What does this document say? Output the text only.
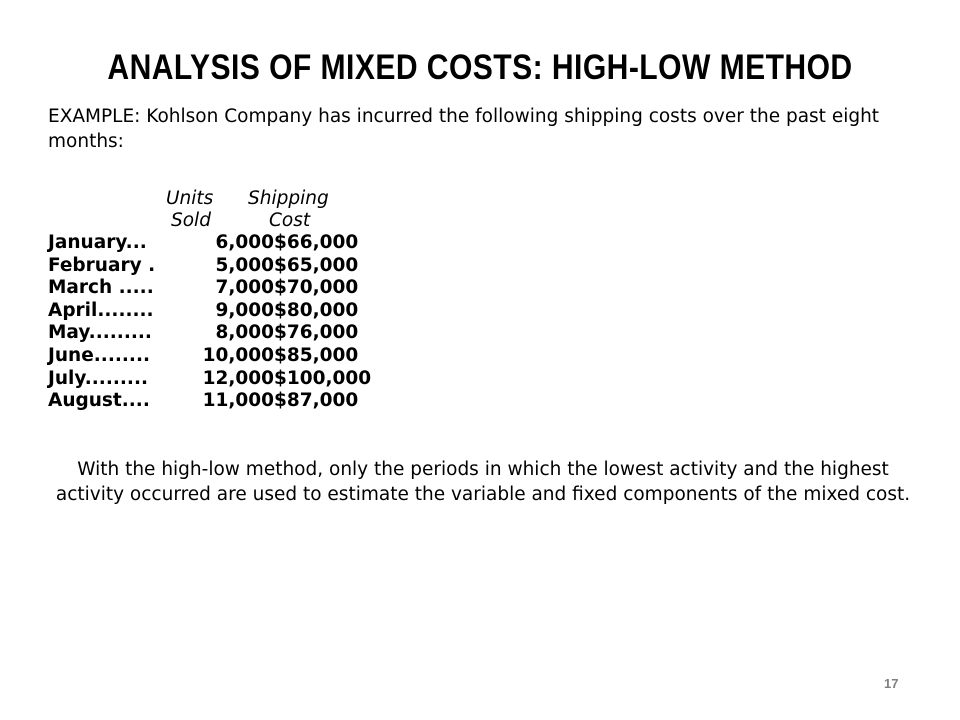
ANALYSIS OF MIXED COSTS: HIGH-LOW METHOD
EXAMPLE: Kohlson Company has incurred the following shipping costs over the past eight months:
Units Shipping
Sold	Cost
January...	6,000 $66,000
February .	5,000 $65,000
March .....	7,000 $70,000
April........	9,000 $80,000
May.........	8,000 $76,000
June........	10,000 $85,000
July.........	12,000 $100,000
August....	11,000 $87,000
With the high-low method, only the periods in which the lowest activity and the highest activity occurred are used to estimate the variable and fixed components of the mixed cost.
17
